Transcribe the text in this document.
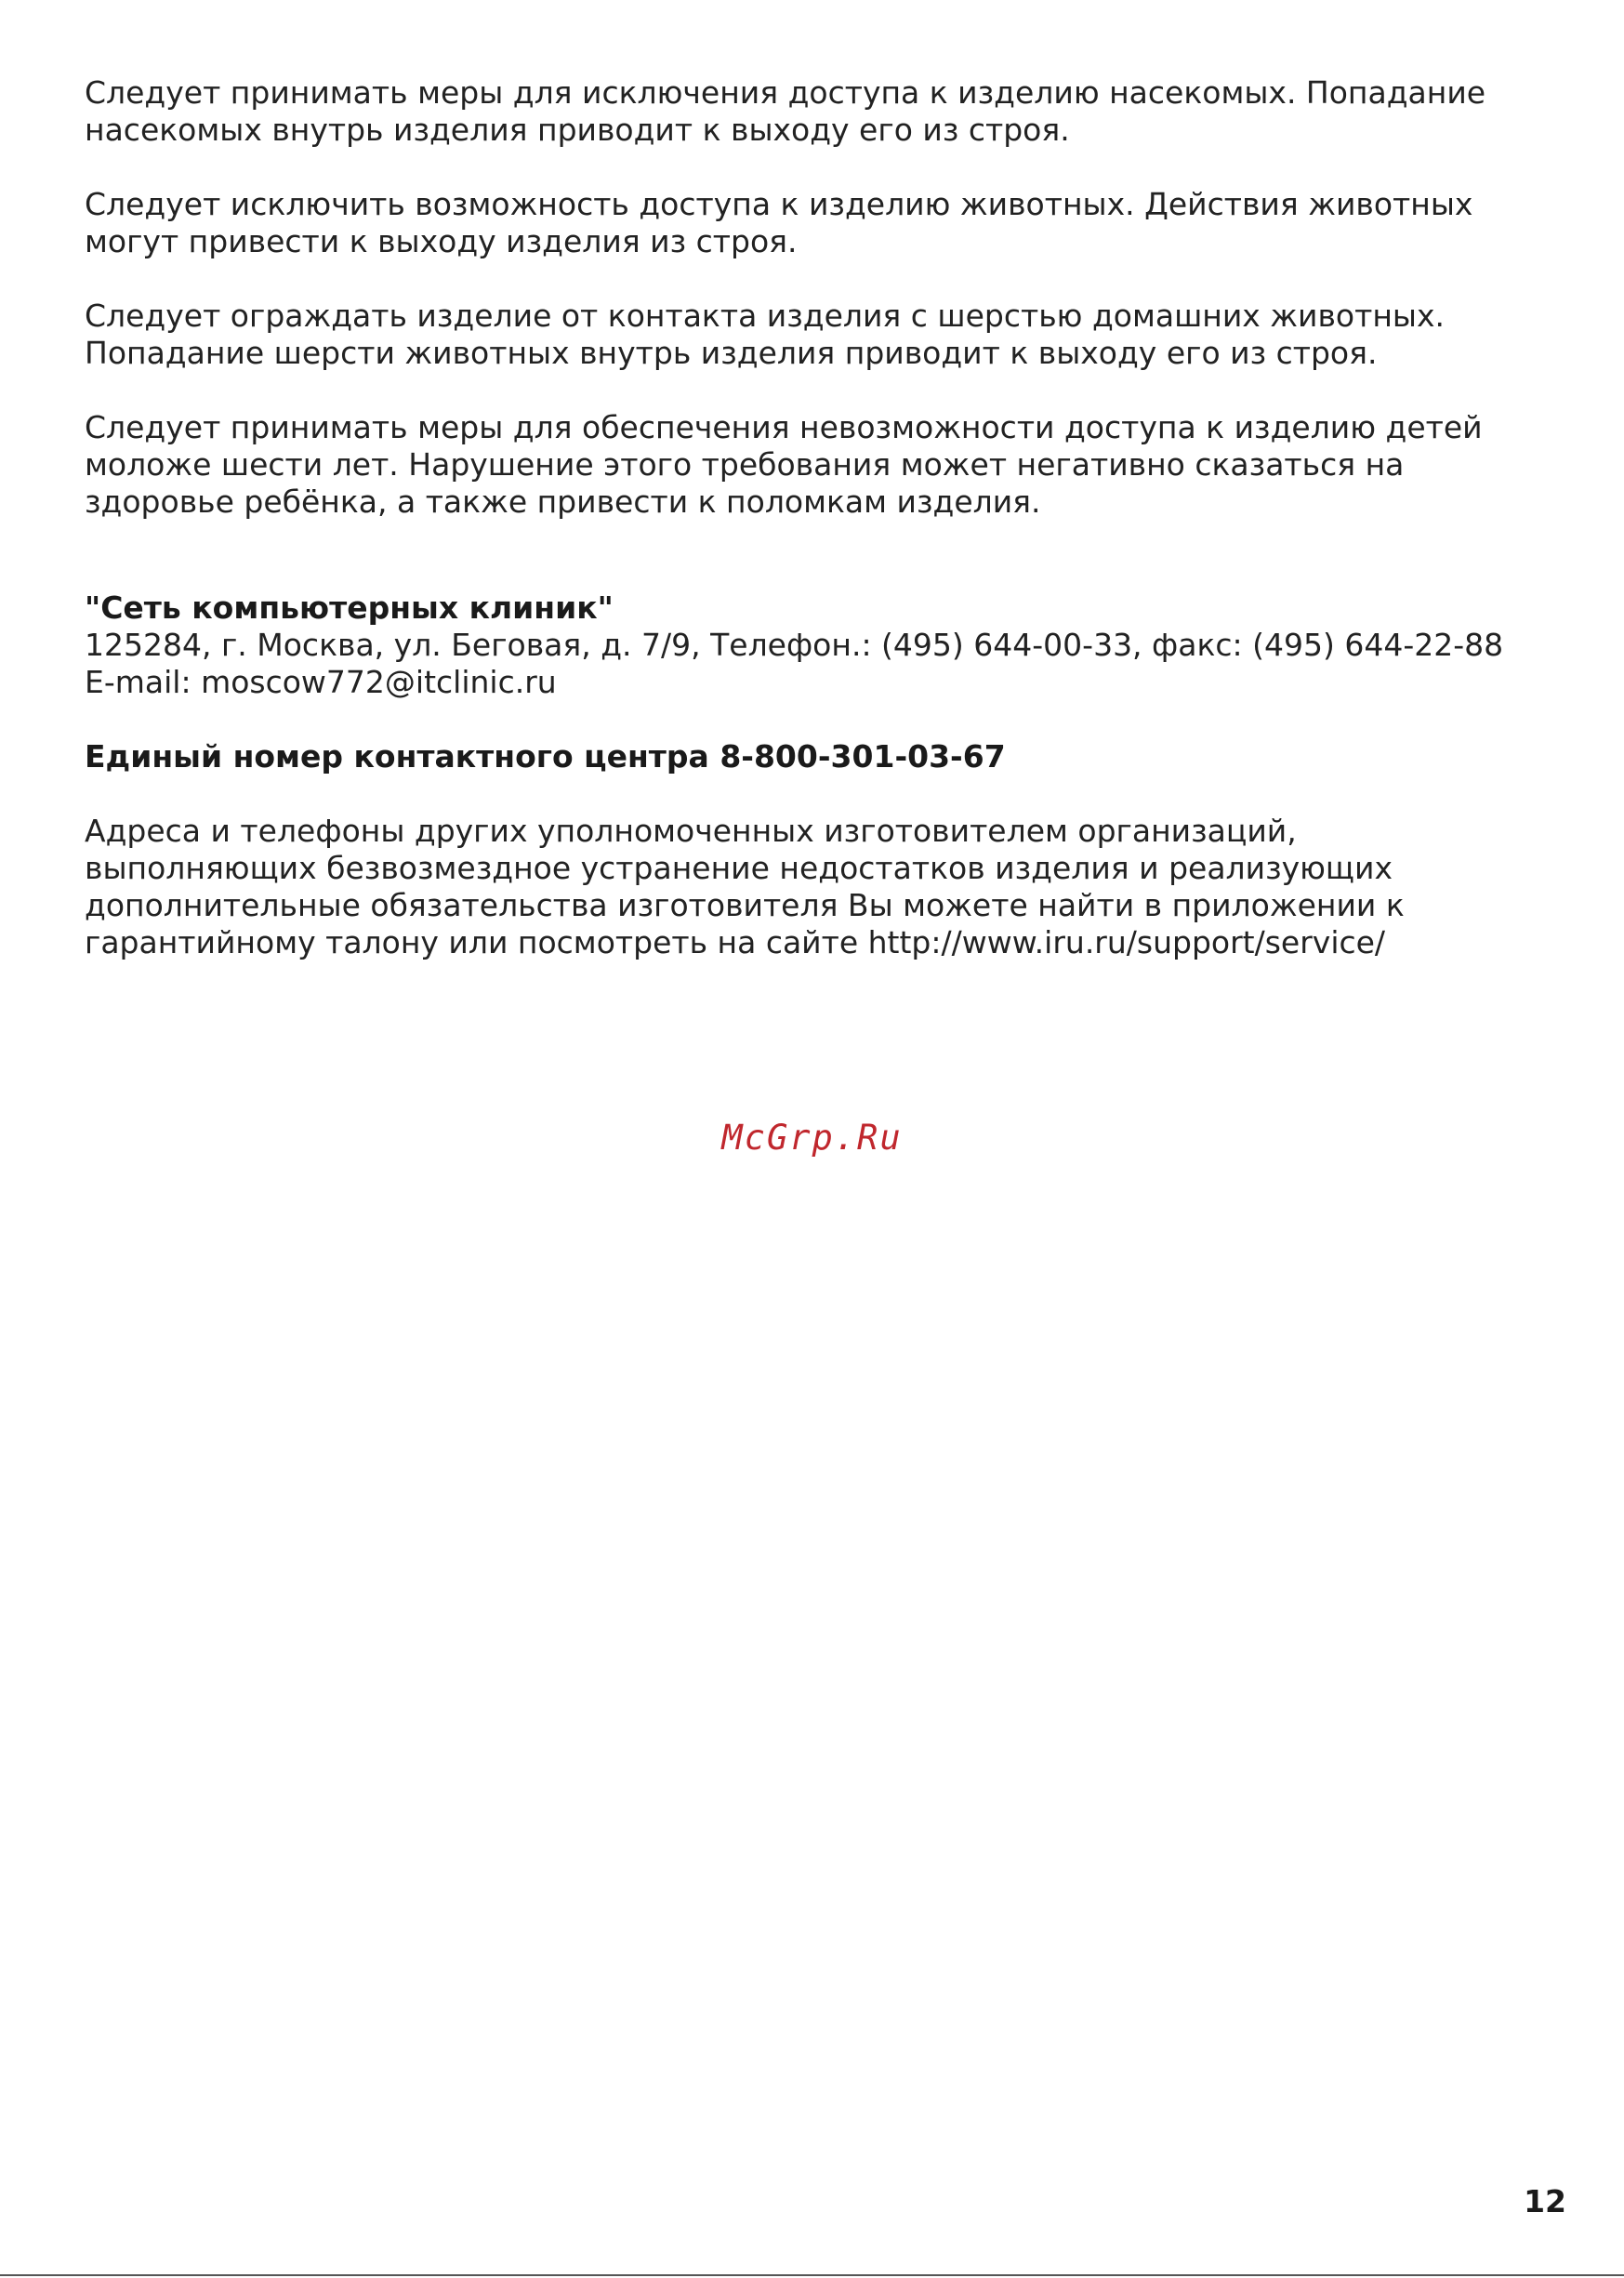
Следует принимать меры для исключения доступа к изделию насекомых. Попадание
насекомых внутрь изделия приводит к выходу его из строя.

Следует исключить возможность доступа к изделию животных. Действия животных
могут привести к выходу изделия из строя.

Следует ограждать изделие от контакта изделия с шерстью домашних животных.
Попадание шерсти животных внутрь изделия приводит к выходу его из строя.

Следует принимать меры для обеспечения невозможности доступа к изделию детей
моложе шести лет. Нарушение этого требования может негативно сказаться на
здоровье ребёнка, а также привести к поломкам изделия.

"Сеть компьютерных клиник"
125284, г. Москва, ул. Беговая, д. 7/9, Телефон.: (495) 644-00-33, факс: (495) 644-22-88
E-mail: moscow772@itclinic.ru

Единый номер контактного центра 8-800-301-03-67

Адреса и телефоны других уполномоченных изготовителем организаций,
выполняющих безвозмездное устранение недостатков изделия и реализующих
дополнительные обязательства изготовителя Вы можете найти в приложении к
гарантийному талону или посмотреть на сайте http://www.iru.ru/support/service/

McGrp.Ru
12
